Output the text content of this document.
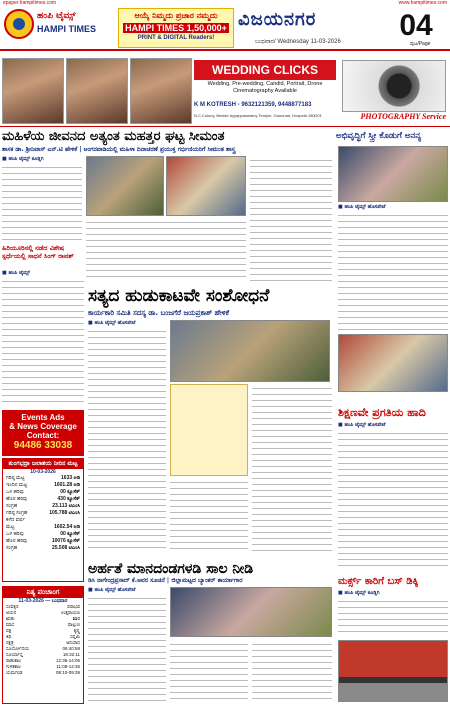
epaper.hampitimes.com	www.hampitimes.com
ಹಂಪಿ ಟೈಮ್ಸ್
HAMPI TIMES
ಆಯ್ಕೆ ನಿಮ್ಮದು ಪ್ರಚಾರ ನಮ್ಮದು
HAMPI TIMES 1,50,000+
PRINT & DIGITAL Readers!
ವಿಜಯನಗರ
ಬುಧವಾರ/ Wednesday 11-03-2026 04
ಪುಟ/Page
WEDDING CLICKS
Wedding, Pre-wedding, Candid, Portrait, Drone Cinematography Available
K M KOTRESH - 9632121359, 9448877183
N.C.Colony, Beside Ayyappaswamy Temple, Gunnnad, Hospete-583201	PHOTOGRAPHY Service
ಮಹಿಳೆಯ ಜೀವನದ ಅತ್ಯಂತ ಮಹತ್ತರ ಘಟ್ಟ ಸೀಮಂತ
ಶಾಸಕ ಡಾ. ಶ್ರೀನಿವಾಸ್ ಎನ್.ಟಿ ಹೇಳಿಕೆ | ಅಂಗನವಾಡಿಯಲ್ಲಿ ಮಹಿಳಾ ದಿನಾಚರಣೆ ಪ್ರಯುಕ್ತ ಗರ್ಭಿಣಿಯರಿಗೆ ಸೀಮಂತ ಶಾಸ್ತ್ರ
■ ಹಂಪಿ ಟೈಮ್ಸ್ ಕೂಡ್ಲಿಗಿ
ಅಭಿವೃದ್ಧಿಗೆ ಸ್ತ್ರೀ ಕೊಡುಗೆ ಅನನ್ಯ
■ ಹಂಪಿ ಟೈಮ್ಸ್ ಹೊಸಪೇಟೆ
ಹಿರಿಯೂರಿನಲ್ಲಿ ನಡೆದ ವಿಶೇಷ ಸ್ಪರ್ಧೆಯಲ್ಲಿ ಸಾಧನೆ ಸಿಂಗ್ ರಾವತ್
■ ಹಂಪಿ ಟೈಮ್ಸ್
Events Ads
& News Coverage
Contact:
94486 33038
ಸತ್ಯದ ಹುಡುಕಾಟವೇ ಸಂಶೋಧನೆ
ಕಾರ್ಯಕಾರಿ ಸಮಿತಿ ಸದಸ್ಯ ಡಾ. ಬಂಜಗೆರೆ ಜಯಪ್ರಕಾಶ್ ಹೇಳಿಕೆ
■ ಹಂಪಿ ಟೈಮ್ಸ್ ಹೊಸಪೇಟೆ
ಶಿಕ್ಷಣವೇ ಪ್ರಗತಿಯ ಹಾದಿ
■ ಹಂಪಿ ಟೈಮ್ಸ್ ಹೊಸಪೇಟೆ
ತುಂಗಭದ್ರಾ ಜಲಾಶಯ ನೀರಿನ ಮಟ್ಟ
10-03-2026
ಗರಿಷ್ಠ ಮಟ್ಟ	1633 ಅಡಿ
ಇಂದಿನ ಮಟ್ಟ	1601.28 ಅಡಿ
ಒಳ ಹರಿವು	00 ಕ್ಯೂಸೆಕ್
ಹೊರ ಹರಿವು	430 ಕ್ಯೂಸೆಕ್
ಸಂಗ್ರಹ	23.113 ಟಿಎಂಸಿ
ಗರಿಷ್ಠ ಸಂಗ್ರಹ	105.788 ಟಿಎಂಸಿ
ಕಳೆದ ವರ್ಷ
ಮಟ್ಟ	1602.54 ಅಡಿ
ಒಳ ಹರಿವು	00 ಕ್ಯೂಸೆಕ್
ಹೊರ ಹರಿವು	10076 ಕ್ಯೂಸೆಕ್
ಸಂಗ್ರಹ	25.508 ಟಿಎಂಸಿ
ಅರ್ಹತೆ ಮಾನದಂಡಗಳಡಿ ಸಾಲ ನೀಡಿ
ಡಿಸಿ ನಾಗೇಂದ್ರಪ್ರಸಾದ್ ಕೆ.ಅವರ ಸೂಚನೆ | ಜಿಲ್ಲಾಮಟ್ಟದ ಬ್ಯಾಂಕರ್ ಕಾರ್ಯಾಗಾರ
■ ಹಂಪಿ ಟೈಮ್ಸ್ ಹೊಸಪೇಟೆ
ನಿತ್ಯ ಪಂಚಾಂಗ
11-03-2026 — ಬುಧವಾರ
ಸಂವತ್ಸರ	ಪರಾಭವ
ಆಯನ	ಉತ್ತರಾಯಣ
ಋತು	ಶಿಶಿರ
ಮಾಸ	ಫಾಲ್ಗುಣ
ಪಕ್ಷ	ಕೃಷ್ಣ
ತಿಥಿ	ಸಪ್ತಮಿ
ನಕ್ಷತ್ರ	ಅನುರಾಧ
ಸೂರ್ಯೋದಯ	06:40:58
ಸೂರ್ಯಾಸ್ತ	18:32:11
ರಾಹುಕಾಲ	12:36-14:05
ಗುಳಿಕಕಾಲ	11:08-12:36
ಯಮಗಂಡ	08:10-09:39
ಮರ್ಕ್ಸ್ ಕಾರಿಗೆ ಬಸ್ ಡಿಕ್ಕಿ
■ ಹಂಪಿ ಟೈಮ್ಸ್ ಕೂಡ್ಲಿಗಿ
